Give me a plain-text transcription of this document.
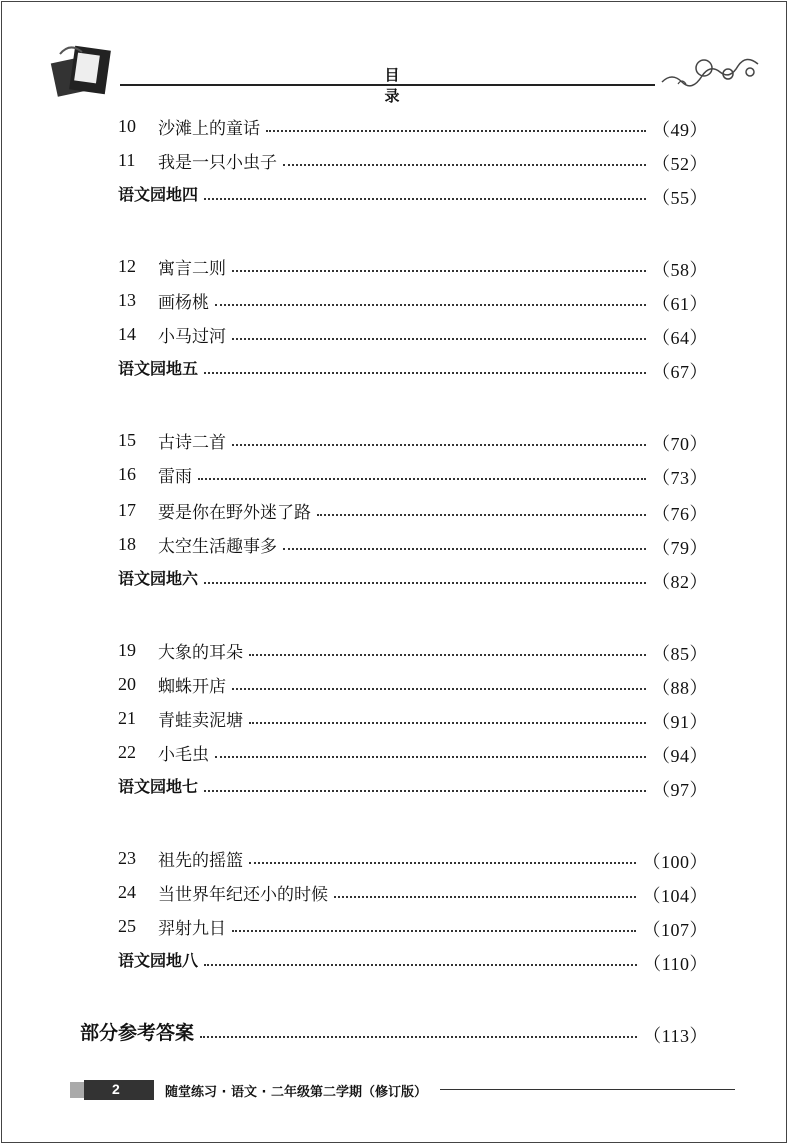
目 录
10	沙滩上的童话	（49）
11	我是一只小虫子	（52）
语文园地四	（55）
12	寓言二则	（58）
13	画杨桃	（61）
14	小马过河	（64）
语文园地五	（67）
15	古诗二首	（70）
16	雷雨	（73）
17	要是你在野外迷了路	（76）
18	太空生活趣事多	（79）
语文园地六	（82）
19	大象的耳朵	（85）
20	蜘蛛开店	（88）
21	青蛙卖泥塘	（91）
22	小毛虫	（94）
语文园地七	（97）
23	祖先的摇篮	（100）
24	当世界年纪还小的时候	（104）
25	羿射九日	（107）
语文园地八	（110）
部分参考答案	（113）
2	随堂练习 · 语文 · 二年级第二学期（修订版）
